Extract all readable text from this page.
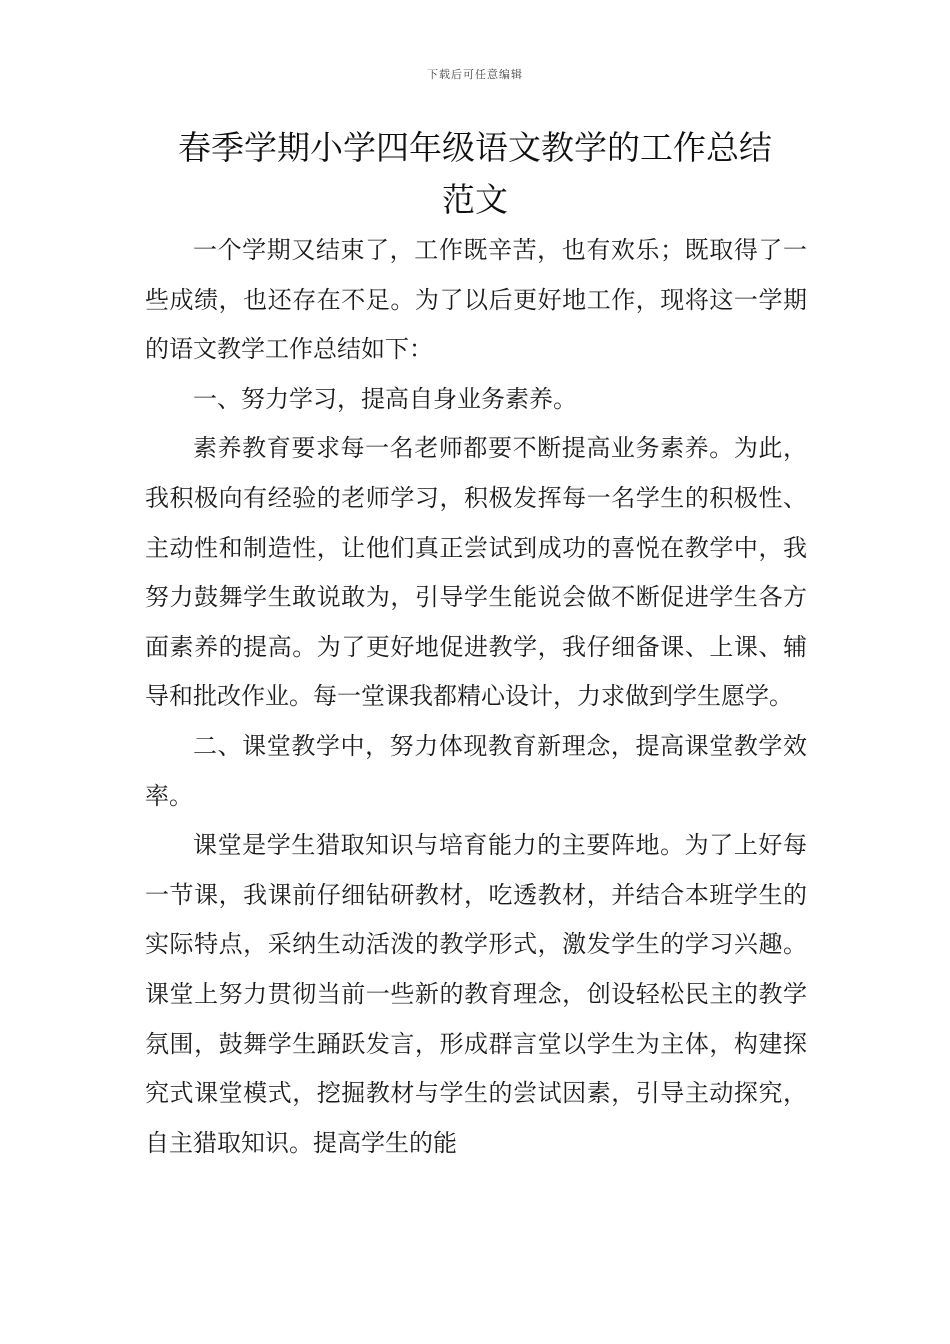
下载后可任意编辑
春季学期小学四年级语文教学的工作总结
范文

一个学期又结束了，工作既辛苦，也有欢乐；既取得了一些成绩，也还存在不足。为了以后更好地工作，现将这一学期的语文教学工作总结如下：

一、努力学习，提高自身业务素养。

素养教育要求每一名老师都要不断提高业务素养。为此，我积极向有经验的老师学习，积极发挥每一名学生的积极性、主动性和制造性，让他们真正尝试到成功的喜悦在教学中，我努力鼓舞学生敢说敢为，引导学生能说会做不断促进学生各方面素养的提高。为了更好地促进教学，我仔细备课、上课、辅导和批改作业。每一堂课我都精心设计，力求做到学生愿学。

二、课堂教学中，努力体现教育新理念，提高课堂教学效率。

课堂是学生猎取知识与培育能力的主要阵地。为了上好每一节课，我课前仔细钻研教材，吃透教材，并结合本班学生的实际特点，采纳生动活泼的教学形式，激发学生的学习兴趣。课堂上努力贯彻当前一些新的教育理念，创设轻松民主的教学氛围，鼓舞学生踊跃发言，形成群言堂以学生为主体，构建探究式课堂模式，挖掘教材与学生的尝试因素，引导主动探究，自主猎取知识。提高学生的能
